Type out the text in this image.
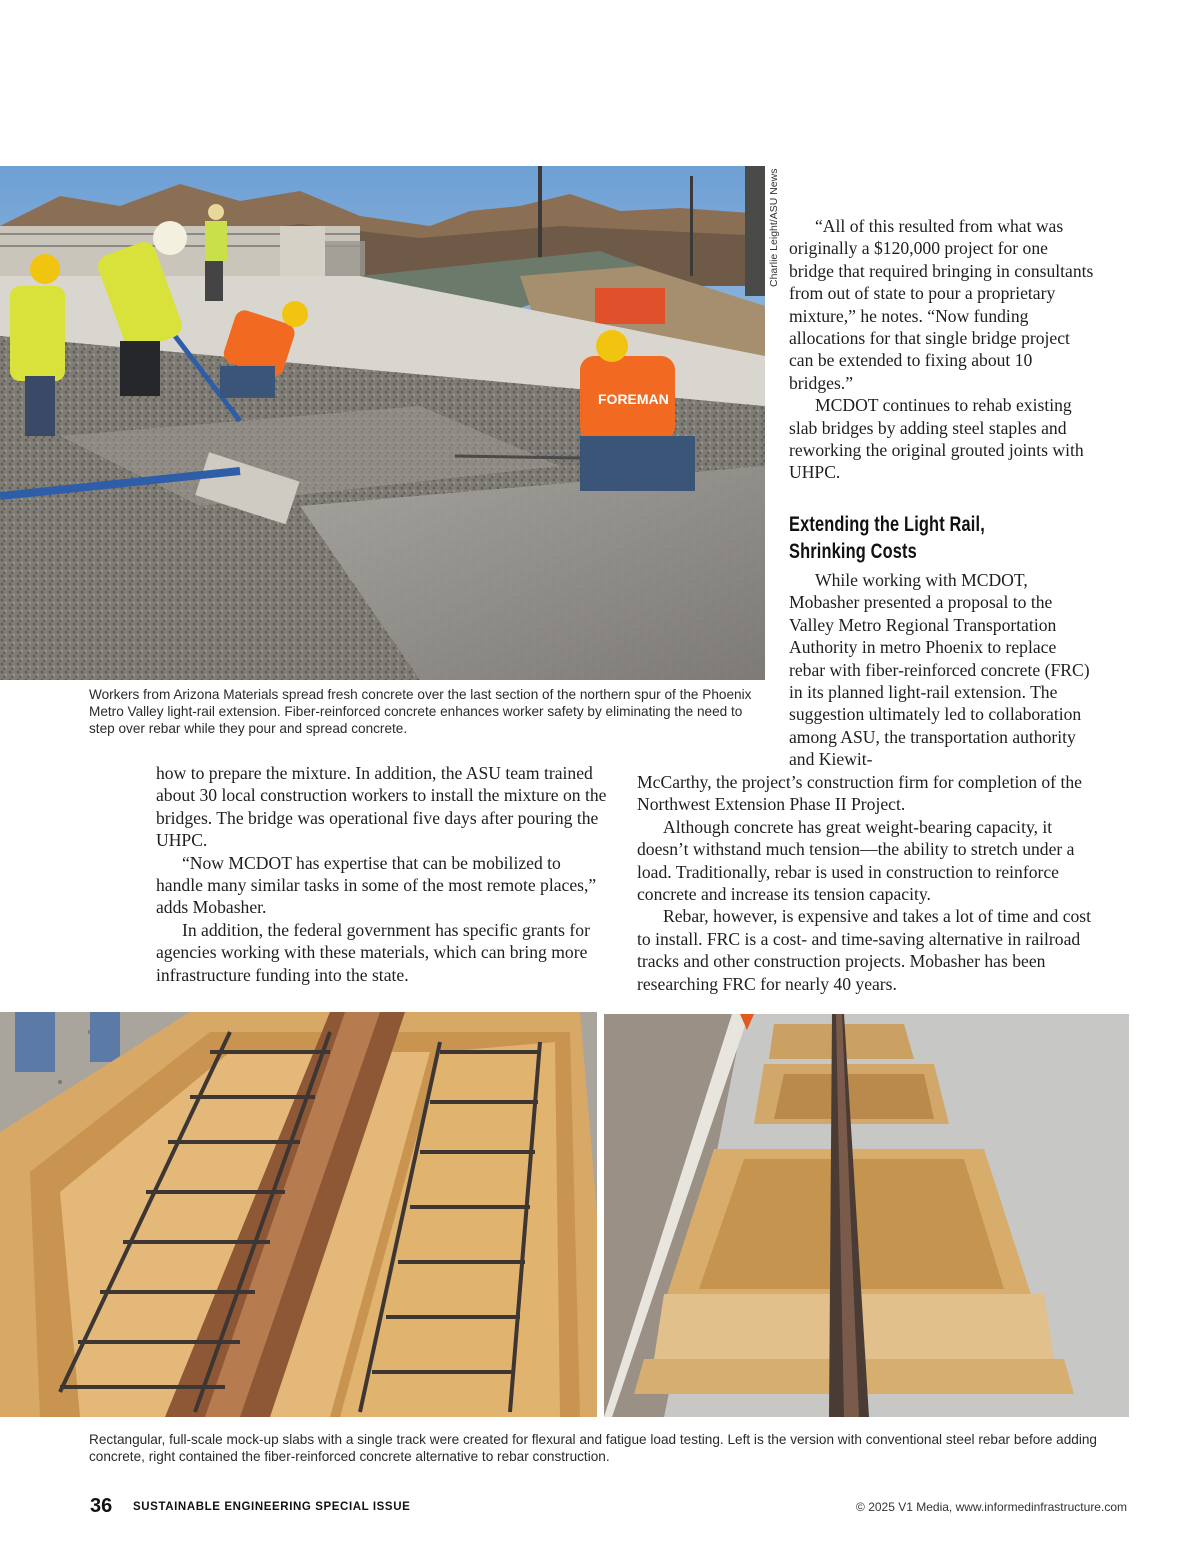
FOREMAN
Charlie Leight/ASU News
Workers from Arizona Materials spread fresh concrete over the last section of the northern spur of the Phoenix Metro Valley light-rail extension. Fiber-reinforced concrete enhances worker safety by eliminating the need to step over rebar while they pour and spread concrete.

“All of this resulted from what was originally a $120,000 project for one bridge that required bringing in consultants from out of state to pour a proprietary mixture,” he notes. “Now funding allocations for that single bridge project can be extended to fixing about 10 bridges.”

MCDOT continues to rehab existing slab bridges by adding steel staples and reworking the original grouted joints with UHPC.

Extending the Light Rail,
Shrinking Costs

While working with MCDOT, Mobasher presented a proposal to the Valley Metro Regional Transportation Authority in metro Phoenix to replace rebar with fiber-reinforced concrete (FRC) in its planned light-rail extension. The suggestion ultimately led to collaboration among ASU, the transportation authority and Kiewit-

how to prepare the mixture. In addition, the ASU team trained about 30 local construction workers to install the mixture on the bridges. The bridge was operational five days after pouring the UHPC.

“Now MCDOT has expertise that can be mobilized to handle many similar tasks in some of the most remote places,” adds Mobasher.

In addition, the federal government has specific grants for agencies working with these materials, which can bring more infrastructure funding into the state.

McCarthy, the project’s construction firm for completion of the Northwest Extension Phase II Project.

Although concrete has great weight-bearing capacity, it doesn’t withstand much tension—the ability to stretch under a load. Traditionally, rebar is used in construction to reinforce concrete and increase its tension capacity.

Rebar, however, is expensive and takes a lot of time and cost to install. FRC is a cost- and time-saving alternative in railroad tracks and other construction projects. Mobasher has been researching FRC for nearly 40 years.

Rectangular, full-scale mock-up slabs with a single track were created for flexural and fatigue load testing. Left is the version with conventional steel rebar before adding concrete, right contained the fiber-reinforced concrete alternative to rebar construction.
36 SUSTAINABLE ENGINEERING SPECIAL ISSUE	© 2025 V1 Media, www.informedinfrastructure.com
